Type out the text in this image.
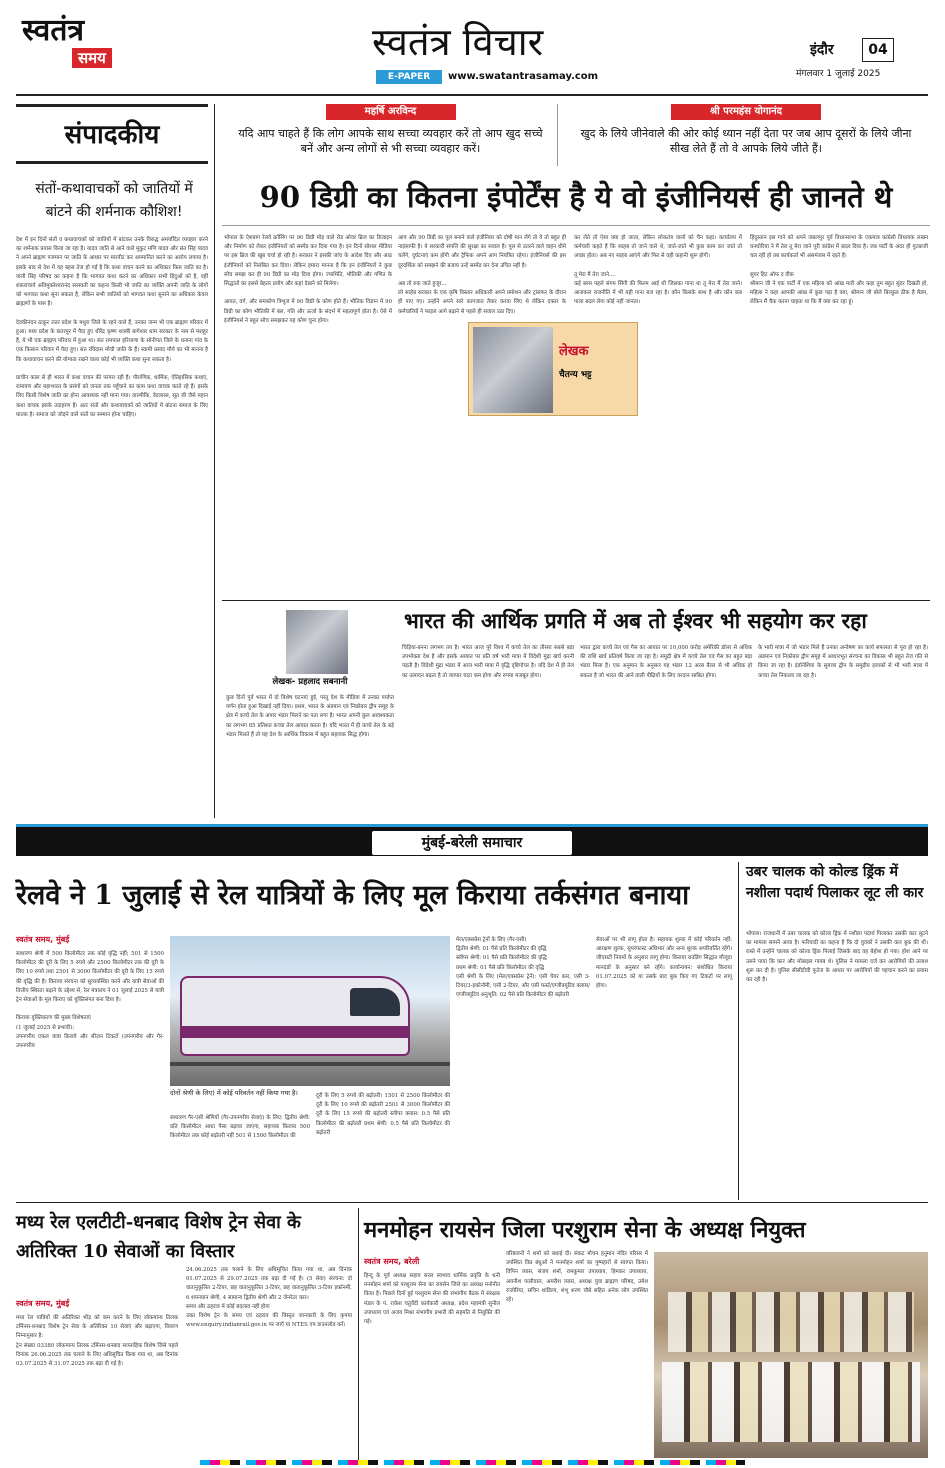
स्वतंत्र
समय	स्वतंत्र विचार
E-PAPER	www.swatantrasamay.com
इंदौर	04
मंगलवार 1 जुलाई 2025
संपादकीय
संतों-कथावाचकों को जातियों में बांटने की शर्मनाक कौशिश!
देश में इन दिनों संतों व कथावाचकों को जातियों में बांटकर उनके विरुद्ध अमर्यादित व्यवहार करने का शर्मनाक प्रयास किया जा रहा है। यादव जाति से आने वाले मुकुट मणि यादव और संत सिंह यादव ने अपने ब्राह्मण पजमान पर जाति के आधार पर मारपीट कर अपमानित करने का आरोप लगाया है। इसके बाद से देश में यह बहस तेज हो गई है कि कथा वाचन करने का अधिकार किस जाति का है। वाली सिंह परिषद का कहना है कि भागवत कथा करने का अधिकार सभी हिंदुओं को है, वहीं शंकराचार्य अविमुक्तेश्वरानंद सरस्वती का कहना किसी भी जाति का व्यक्ति अपनी जाति के लोगों को भागवत कथा सुना सकता है, लेकिन सभी जातियों को भागवत कथा सुनाने का अधिकार केवल ब्राह्मणों के पास है।

देवकीनंदन ठाकुर उत्तर प्रदेश के मथुरा जिले के रहने वाले हैं, उनका जन्म भी एक ब्राह्मण परिवार में हुआ। मध्य प्रदेश के छतरपुर में पैदा हुए धीरेंद्र कृष्ण शास्त्री बागेश्वर धाम सरकार के नाम से मशहूर हैं, ये भी एक ब्राह्मण परिवार में हुआ था। संत रामपाल हरियाणा के सोनीपत जिले के धनाना गांव के एक किसान परिवार में पैदा हुए। संत रविदास मोची जाति के हैं। स्वामी प्रसाद मौर्य का भी मानना है कि कथावाचन करने की योग्यता रखने वाला कोई भी व्यक्ति कथा सुना सकता है।

प्राचीन काल से ही भारत में कथा वाचन की परंपरा रही है। पौराणिक, धार्मिक, ऐतिहासिक कथाएं, रामायण और महाभारत के प्रसंगों को जनता तक पहुँचाने का काम कथा वाचक करते रहे हैं। इसके लिए किसी विशेष जाति का होना आवश्यक नहीं माना गया। वाल्मीकि, वेदव्यास, सूत जी जैसे महान कथा वाचक इसके उदाहरण हैं। अतः संतों और कथावाचकों को जातियों में बांटना समाज के लिए घातक है। समाज को जोड़ने वाले संतों का सम्मान होना चाहिए।
महर्षि अरविन्द
यदि आप चाहते हैं कि लोग आपके साथ सच्चा व्यवहार करें तो आप खुद सच्चे बनें और अन्य लोगों से भी सच्चा व्यवहार करें।
श्री परमहंस योगानंद
खुद के लिये जीनेवाले की ओर कोई ध्यान नहीं देता पर जब आप दूसरों के लिये जीना सीख लेते हैं तो वे आपके लिये जीते हैं।
90 डिग्री का कितना इंपोर्टेंस है ये वो इंजीनियर्स ही जानते थे
भोपाल के ऐशबाग रेलवे क्रॉसिंग पर 90 डिग्री मोड़ वाले रोड ओवर ब्रिज का डिजाइन और निर्माण को लेकर इंजीनियरों को सस्पेंड कर दिया गया है। इन दिनों सोशल मीडिया पर इस ब्रिज की खूब चर्चा हो रही है। सरकार ने इसकी जांच के आदेश दिए और आठ इंजीनियरों को निलंबित कर दिया। लेकिन हमारा मानना है कि इन इंजीनियरों ने कुछ सोच समझ कर ही 90 डिग्री का मोड़ दिया होगा। ज्यामिति, भौतिकी और गणित के सिद्धांतों का इससे बेहतर प्रयोग और कहां देखने को मिलेगा।

आयत, वर्ग, और समकोण त्रिभुज में 90 डिग्री के कोण होते हैं। भौतिक विज्ञान में 90 डिग्री का कोण भौतिकी में बल, गति और ऊर्जा के संदर्भ में महत्वपूर्ण होता है। ऐसे में इंजीनियर्स ने बहुत सोच समझकर यह कोण चुना होगा।
आप और 90 डिग्री का पुल बनाने वाले इंजीनियर को दोषी मान लेंगे तो ये तो बहुत ही नाइंसाफी है। ये सरकारी संपत्ति की सुरक्षा का सवाल है। पुल से उतरने वाले वाहन धीमे चलेंगे, दुर्घटनाएं कम होंगी और ट्रैफिक अपने आप नियंत्रित रहेगा। इंजीनियर्स की इस दूरदर्शिता को समझने की बजाय उन्हें सस्पेंड कर देना उचित नहीं है।

अब तो रुक जाते हुजूर...
लो साहेब सरकार के एक कृषि विस्तार अधिकारी अपने प्रमोशन और ट्रांसफर के दौरान ही पाए गए। उन्होंने अपने सारे कागजात तैयार करवा लिए थे लेकिन दफ्तर के कर्मचारियों ने फाइल आगे बढ़ाने से पहले ही सवाल उठा दिए।
लेखक
चैतन्य भट्ट
कर लेते तो ऐसा क्या हो जाता, लेकिन लोकतंत्र वालों को चैन कहां। कार्यालय में कर्मचारी कहते हैं कि साहब तो जाने वाले थे, जाते-जाते भी कुछ काम कर जाते तो अच्छा होता। अब नए साहब आएंगे और फिर से वही कहानी शुरू होगी।

तू मेरा मैं तेरा जाने....
कई बरस पहले संगम सिंगी की फिल्म आई थी जिसका गाना था तू मेरा मैं तेरा जाने। आजकल राजनीति में भी यही गाना बज रहा है। कौन किसके साथ है और कौन कब पाला बदल लेगा कोई नहीं जानता।
हिंदुस्तान इस गाने को अपने जबलपुर पूर्व विधानसभा के एकमात्र कांग्रेसी विधायक लखन घनघोरिया ने मैं तेरा तू मेरा जाने पूरी कांग्रेस में बदल दिया है। जब पार्टी के अंदर ही गुटबाजी चल रही हो तब कार्यकर्ता भी असमंजस में रहते हैं।

सुपर हिट ऑफ द वीक
श्रीमान जी ने एक पार्टी में एक महिला को आंख मारी और कहा तुम बहुत सुंदर दिखती हो, महिला ने कहा आपकी आंख में कुछ पड़ा है क्या, श्रीमान जी बोले बिल्कुल ठीक है मैडम, लेकिन मैं चैक करना चाहता था कि मैं क्या कर रहा हूं।
लेखक- प्रहलाद सबनानी
भारत की आर्थिक प्रगति में अब तो ईश्वर भी सहयोग कर रहा
कुछ दिनों पूर्व भारत में दो विशेष घटनाएं हुई, परंतु देश के मीडिया में उनका पर्याप्त वर्णन होता हुआ दिखाई नहीं दिया। प्रथम, भारत के अंडमान एवं निकोबार द्वीप समूह के क्षेत्र में कच्चे तेल के अपार भंडार मिलने का पता लगा है। भारत अपनी कुल आवश्यकता का लगभग 85 प्रतिशत कच्चा तेल आयात करता है। यदि भारत में ही कच्चे तेल के बड़े भंडार मिलते हैं तो यह देश के आर्थिक विकास में बहुत सहायक सिद्ध होगा।
चिड़िया-बनना लगभग तय है। भारत आज पूरे विश्व में कच्चे तेल का तीसरा सबसे बड़ा उपभोक्ता देश है और इसके आयात पर प्रति वर्ष भारी मात्रा में विदेशी मुद्रा खर्च करनी पड़ती है। विदेशी मुद्रा भंडार में आज भारी मात्रा में वृद्धि दृष्टिगोचर है। यदि देश में ही तेल का उत्पादन बढ़ता है तो व्यापार घाटा कम होगा और रुपया मजबूत होगा।
भारत द्वारा कच्चे तेल एवं गैस का आयात पर 10,000 करोड़ अमेरिकी डॉलर से अधिक की राशि खर्च प्रतिवर्ष किया जा रहा है। समुद्री क्षेत्र में कच्चे तेल एवं गैस का बहुत बड़ा भंडार मिला है। एक अनुमान के अनुसार यह भंडार 12 अरब बैरल से भी अधिक हो सकता है जो भारत की आने वाली पीढ़ियों के लिए वरदान साबित होगा।
के भारी मात्रा में जो भंडार मिले हैं उनका अन्वेषण का कार्य सफलता से पूरा हो रहा है। अंडमान एवं निकोबार द्वीप समूह में आधारभूत संरचना का विकास भी बहुत तेज गति से किया जा रहा है। इंडोनेशिया के सुमात्रा द्वीप के समुद्रीय इलाकों से भी भारी मात्रा में कच्चा तेल निकाला जा रहा है।
मुंबई-बरेली समाचार
रेलवे ने 1 जुलाई से रेल यात्रियों के लिए मूल किराया तर्कसंगत बनाया
स्वतंत्र समय, मुंबई
साधारण श्रेणी में 500 किलोमीटर तक कोई वृद्धि नहीं; 501 से 1500 किलोमीटर की दूरी के लिए 5 रुपये और 2500 किलोमीटर तक की दूरी के लिए 10 रुपये तथा 2501 से 3000 किलोमीटर की दूरी के लिए 15 रुपये की वृद्धि की है। किराया संरचना को सुव्यवस्थित करने और यात्री सेवाओं की वित्तीय स्थिरता बढ़ाने के उद्देश्य से, रेल मंत्रालय ने 01 जुलाई 2025 से यात्री ट्रेन सेवाओं के मूल किराए को युक्तिसंगत बना दिया है।

किराया युक्तिकरण की मुख्य विशेषताएं
(1 जुलाई 2025 से प्रभावी):
उपनगरीय एकल यात्रा किराये और सीज़न टिकटों (उपनगरीय और गैर-उपनगरीय
दोनों श्रेणी के लिए) में कोई परिवर्तन नहीं किया गया है।
साधारण गैर-एसी श्रेणियों (गैर-उपनगरीय सेवाएं) के लिए: द्वितीय श्रेणी: प्रति किलोमीटर आधा पैसा बढ़ाया जाएगा, सहायक किराया 500 किलोमीटर तक कोई बढ़ोतरी नहीं 501 से 1500 किलोमीटर की
दूरी के लिए 5 रुपये की बढ़ोतरी। 1501 से 2500 किलोमीटर की दूरी के लिए 10 रुपये की बढ़ोतरी 2501 से 3000 किलोमीटर की दूरी के लिए 15 रुपये की बढ़ोतरी स्लीपर क्लास: 0.5 पैसे प्रति किलोमीटर की बढ़ोतरी प्रथम श्रेणी: 0.5 पैसे प्रति किलोमीटर की बढ़ोतरी
मेल/एक्सप्रेस ट्रेनों के लिए (गैर-एसी)
द्वितीय श्रेणी: 01 पैसे प्रति किलोमीटर की वृद्धि
स्लीपर श्रेणी: 01 पैसे प्रति किलोमीटर की वृद्धि
प्रथम श्रेणी: 01 पैसे प्रति किलोमीटर की वृद्धि
एसी श्रेणी के लिए (मेल/एक्सप्रेस ट्रेनें): एसी चेयर कार, एसी 3-टियर/3-इकोनॉमी, एसी 2-टियर, और एसी फर्स्ट/एग्जीक्यूटिव क्लास/एग्जीक्यूटिव अनुभूति: 02 पैसे प्रति किलोमीटर की बढ़ोतरी
सेवाओं पर भी लागू होता है। सहायक शुल्क में कोई परिवर्तन नहीं: आरक्षण शुल्क, सुपरफास्ट अधिभार और अन्य शुल्क अपरिवर्तित रहेंगे। जीएसटी नियमों के अनुसार लागू होगा। किराया राउंडिंग सिद्धांत मौजूदा मानदंडों के अनुसार बने रहेंगे। कार्यान्वयन: संशोधित किराया 01.07.2025 को या उसके बाद बुक किए गए टिकटों पर लागू होगा।
उबर चालक को कोल्ड ड्रिंक में नशीला पदार्थ पिलाकर लूट ली कार
भोपाल। राजधानी में उबर चालक को कोल्ड ड्रिंक में नशीला पदार्थ पिलाकर उसकी कार लूटने का मामला सामने आया है। फरियादी का कहना है कि दो युवकों ने उसकी कार बुक की थी। रास्ते में उन्होंने चालक को कोल्ड ड्रिंक पिलाई जिसके बाद वह बेहोश हो गया। होश आने पर उसने पाया कि कार और मोबाइल गायब थे। पुलिस ने मामला दर्ज कर आरोपियों की तलाश शुरू कर दी है। पुलिस सीसीटीवी फुटेज के आधार पर आरोपियों की पहचान करने का प्रयास कर रही है।
मध्य रेल एलटीटी-धनबाद विशेष ट्रेन सेवा के अतिरिक्त 10 सेवाओं का विस्तार
स्वतंत्र समय, मुंबई
मध्य रेल यात्रियों की अतिरिक्त भीड़ को कम करने के लिए लोकमान्य तिलक टर्मिनस-धनबाद विशेष ट्रेन सेवा के अतिरिक्त 10 सेवाएं और बढ़ाएगा, विवरण निम्नानुसार है:
ट्रेन संख्या 03380 लोकमान्य तिलक टर्मिनस-धनबाद साप्ताहिक विशेष जिसे पहले दिनांक 26.06.2025 तक चलाने के लिए अधिसूचित किया गया था, अब दिनांक 03.07.2025 से 31.07.2025 तक बढ़ा दी गई है।
24.06.2025 तक चलाने के लिए अधिसूचित किया गया था, अब दिनांक 01.07.2025 से 29.07.2025 तक बढ़ा दी गई है। (5 सेवा) संरचना: दो वातानुकूलित 2-टियर, छह वातानुकूलित 3-टियर, छह वातानुकूलित 3-टियर इकॉनमी, 6 शयनयान श्रेणी, 4 सामान्य द्वितीय श्रेणी और 2 जेनरेटर कार।
समय और ठहराव में कोई बदलाव नहीं होगा
उक्त विशेष ट्रेन के समय एवं ठहराव की विस्तृत जानकारी के लिए कृपया www.enquiry.indianrail.gov.in पर जाएँ या NTES एप डाउनलोड करें।
मनमोहन रायसेन जिला परशुराम सेना के अध्यक्ष नियुक्त
स्वतंत्र समय, बरेली
हिन्दू के पूर्व अध्यक्ष सहाय सरल स्वभाव धार्मिक प्रवृत्ति के धनी मनमोहन शर्मा को परशुराम सेना का रायसेन जिले का अध्यक्ष मनोनीत किया है। पिछले दिनों हुई परशुराम सेना की संभागीय बैठक में संरक्षक मंडल के पं. राकेश चतुर्वेदी कार्यकारी अध्यक्ष, प्रदेश महामंत्री सुनील उपाध्याय एवं अजय मिश्रा संभागीय प्रभारी की सहमति से नियुक्ति की गई।
वरिष्ठजनों ने शर्मा को बधाई दी। संकट मोचन हनुमान मंदिर परिसर में उपस्थित विप्र बंधुओं ने मनमोहन शर्मा का पुष्पहारों से स्वागत किया। विपिन व्यास, संजय शर्मा, रामकुमार उपाध्याय, हिमकर उपाध्याय, अवनीश पालीवाल, अमरीश व्यास, अध्यक्ष युवा ब्राह्मण परिषद, उमेश राजोरिया, सचिन शांडिल्य, शंभू शरण चौबे सहित अनेक लोग उपस्थित रहे।
